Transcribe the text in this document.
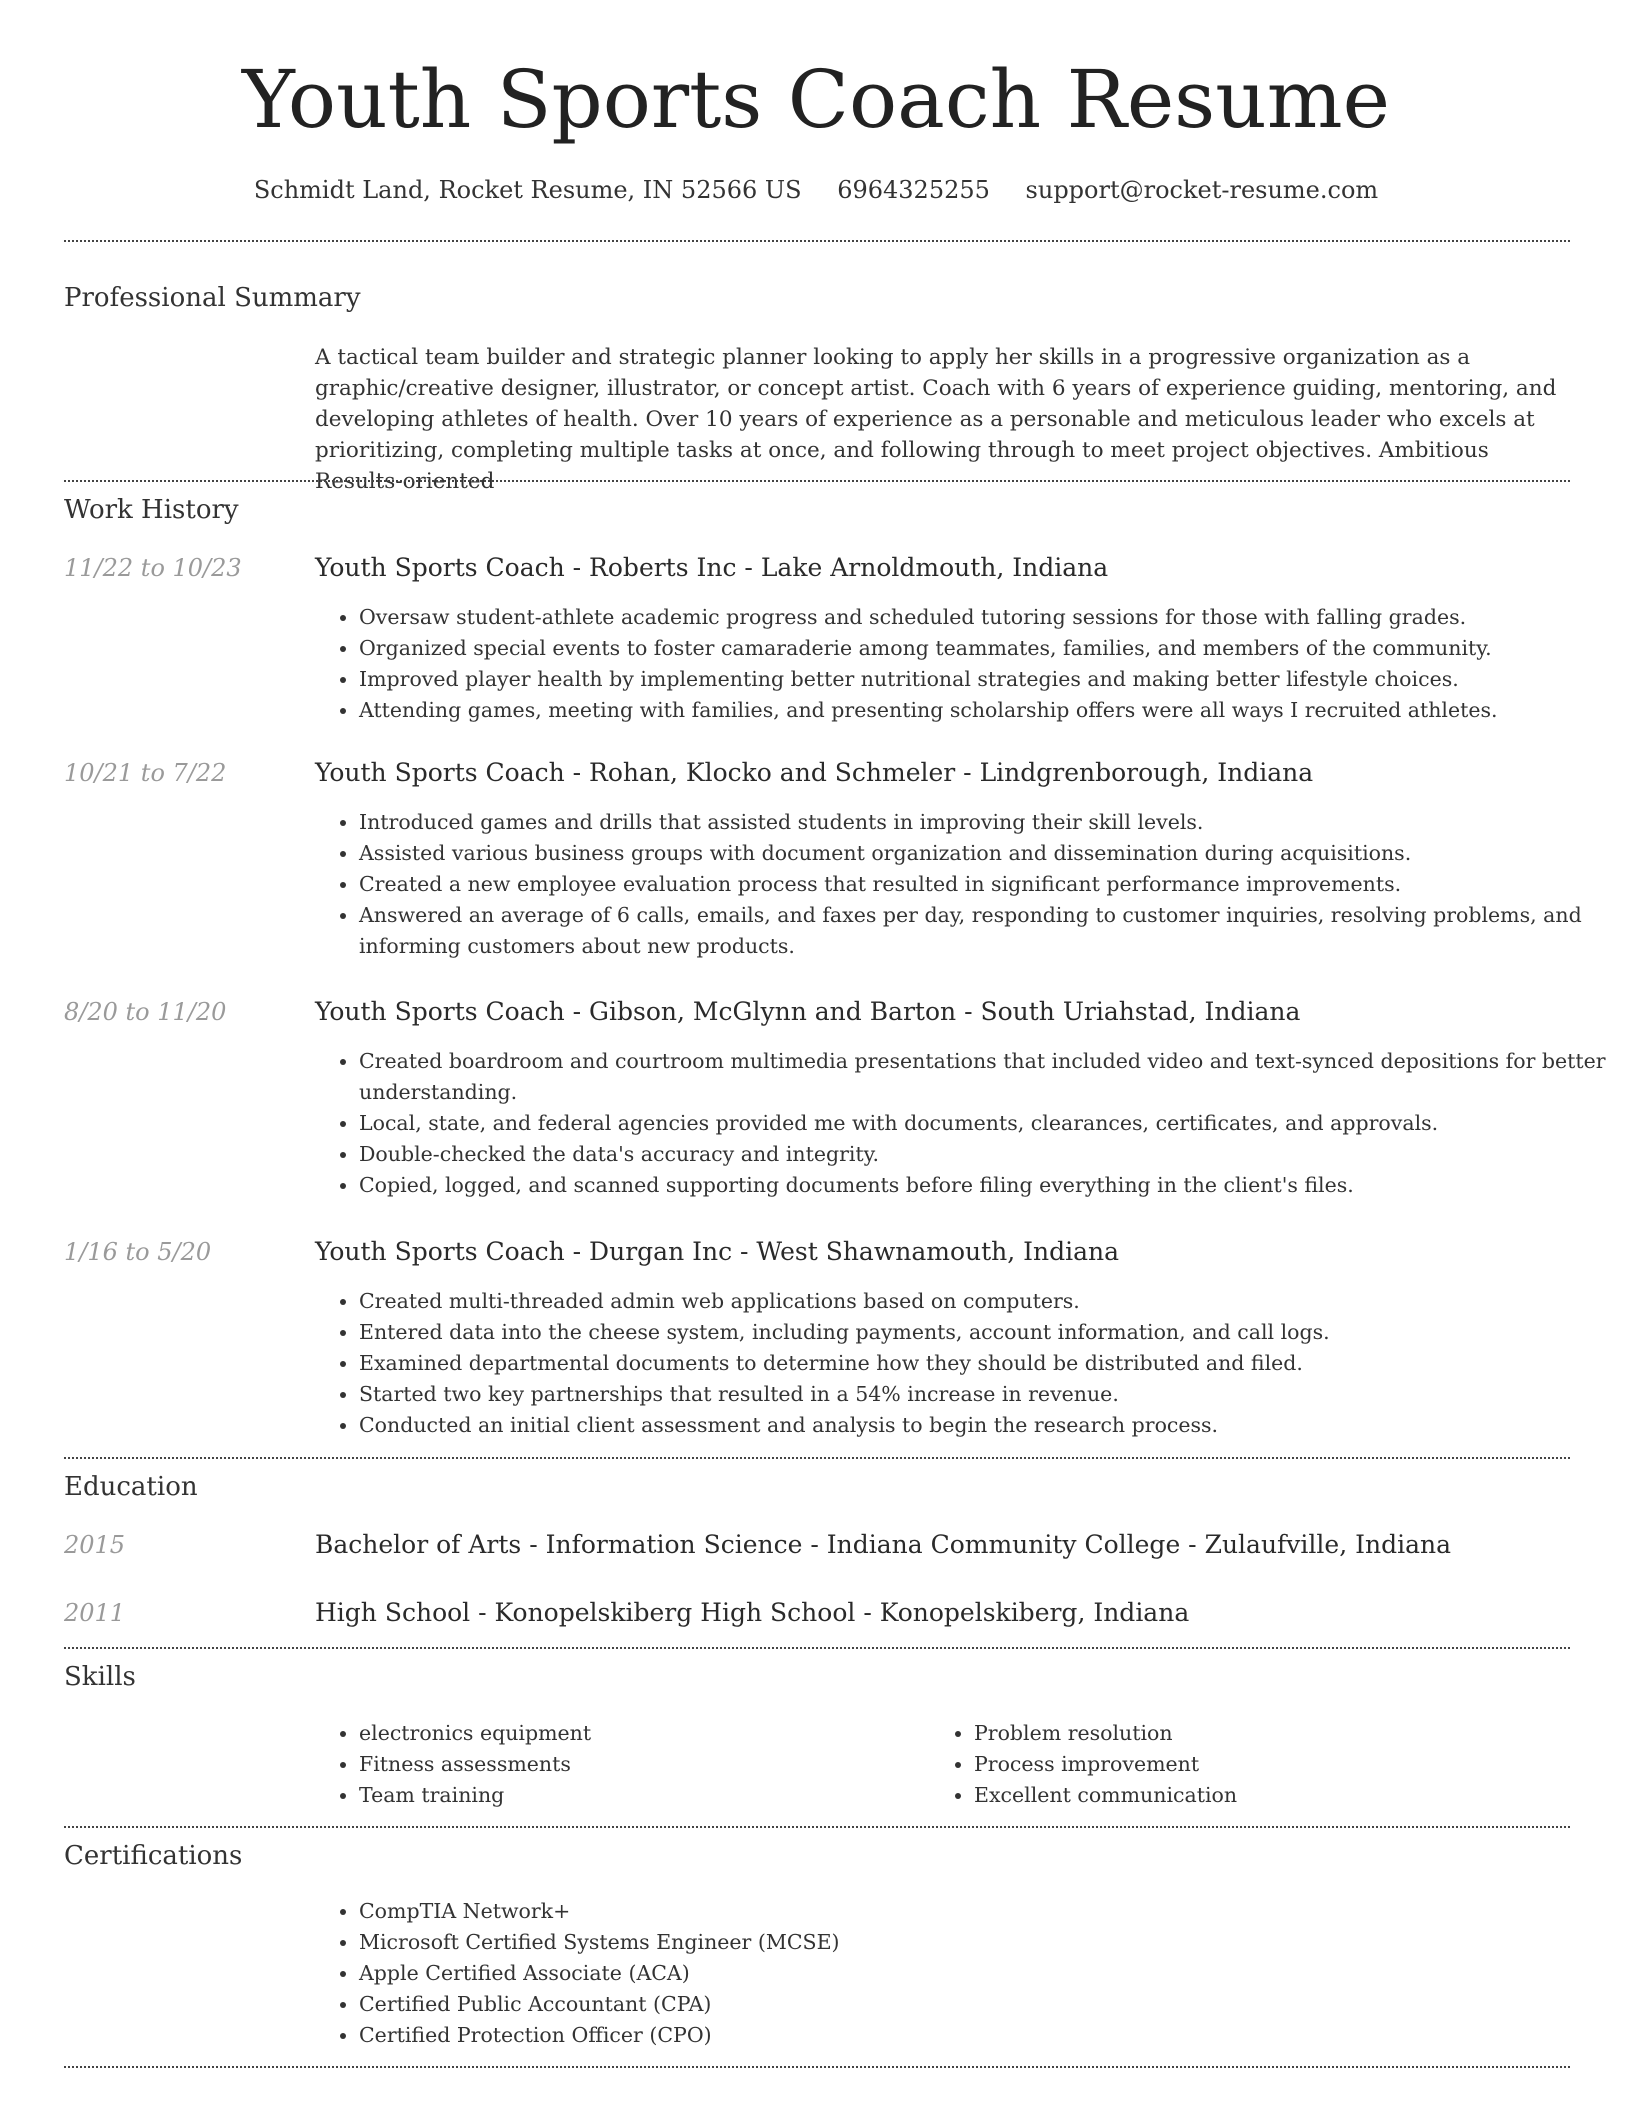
Youth Sports Coach Resume
Schmidt Land, Rocket Resume, IN 52566 US 6964325255 support@rocket-resume.com
Professional Summary
A tactical team builder and strategic planner looking to apply her skills in a progressive organization as a graphic/creative designer, illustrator, or concept artist. Coach with 6 years of experience guiding, mentoring, and developing athletes of health. Over 10 years of experience as a personable and meticulous leader who excels at prioritizing, completing multiple tasks at once, and following through to meet project objectives. Ambitious Results-oriented
Work History
11/22 to 10/23	Youth Sports Coach - Roberts Inc - Lake Arnoldmouth, Indiana
• Oversaw student-athlete academic progress and scheduled tutoring sessions for those with falling grades.
• Organized special events to foster camaraderie among teammates, families, and members of the community.
• Improved player health by implementing better nutritional strategies and making better lifestyle choices.
• Attending games, meeting with families, and presenting scholarship offers were all ways I recruited athletes.
10/21 to 7/22	Youth Sports Coach - Rohan, Klocko and Schmeler - Lindgrenborough, Indiana
• Introduced games and drills that assisted students in improving their skill levels.
• Assisted various business groups with document organization and dissemination during acquisitions.
• Created a new employee evaluation process that resulted in significant performance improvements.
• Answered an average of 6 calls, emails, and faxes per day, responding to customer inquiries, resolving problems, and informing customers about new products.
8/20 to 11/20	Youth Sports Coach - Gibson, McGlynn and Barton - South Uriahstad, Indiana
• Created boardroom and courtroom multimedia presentations that included video and text-synced depositions for better understanding.
• Local, state, and federal agencies provided me with documents, clearances, certificates, and approvals.
• Double-checked the data's accuracy and integrity.
• Copied, logged, and scanned supporting documents before filing everything in the client's files.
1/16 to 5/20	Youth Sports Coach - Durgan Inc - West Shawnamouth, Indiana
• Created multi-threaded admin web applications based on computers.
• Entered data into the cheese system, including payments, account information, and call logs.
• Examined departmental documents to determine how they should be distributed and filed.
• Started two key partnerships that resulted in a 54% increase in revenue.
• Conducted an initial client assessment and analysis to begin the research process.
Education
2015	Bachelor of Arts - Information Science - Indiana Community College - Zulaufville, Indiana
2011	High School - Konopelskiberg High School - Konopelskiberg, Indiana
Skills
• electronics equipment
• Fitness assessments
• Team training
• Problem resolution
• Process improvement
• Excellent communication
Certifications
• CompTIA Network+
• Microsoft Certified Systems Engineer (MCSE)
• Apple Certified Associate (ACA)
• Certified Public Accountant (CPA)
• Certified Protection Officer (CPO)
